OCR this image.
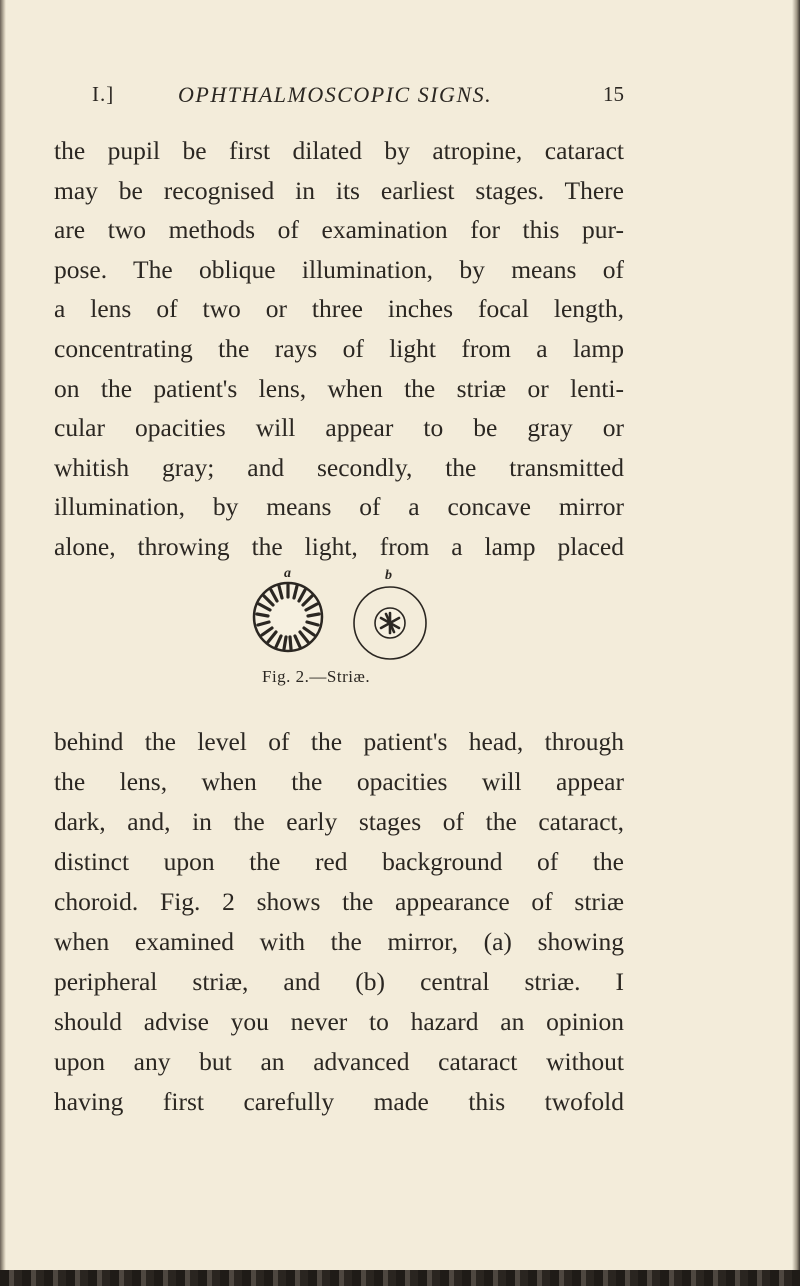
I.]	OPHTHALMOSCOPIC SIGNS.	15
the pupil be first dilated by atropine, cataract
may be recognised in its earliest stages. There
are two methods of examination for this pur-
pose. The oblique illumination, by means of
a lens of two or three inches focal length,
concentrating the rays of light from a lamp
on the patient's lens, when the striæ or lenti-
cular opacities will appear to be gray or
whitish gray; and secondly, the transmitted
illumination, by means of a concave mirror
alone, throwing the light, from a lamp placed
a	b
Fig. 2.—Striæ.
behind the level of the patient's head, through
the lens, when the opacities will appear
dark, and, in the early stages of the cataract,
distinct upon the red background of the
choroid. Fig. 2 shows the appearance of striæ
when examined with the mirror, (a) showing
peripheral striæ, and (b) central striæ. I
should advise you never to hazard an opinion
upon any but an advanced cataract without
having first carefully made this twofold
